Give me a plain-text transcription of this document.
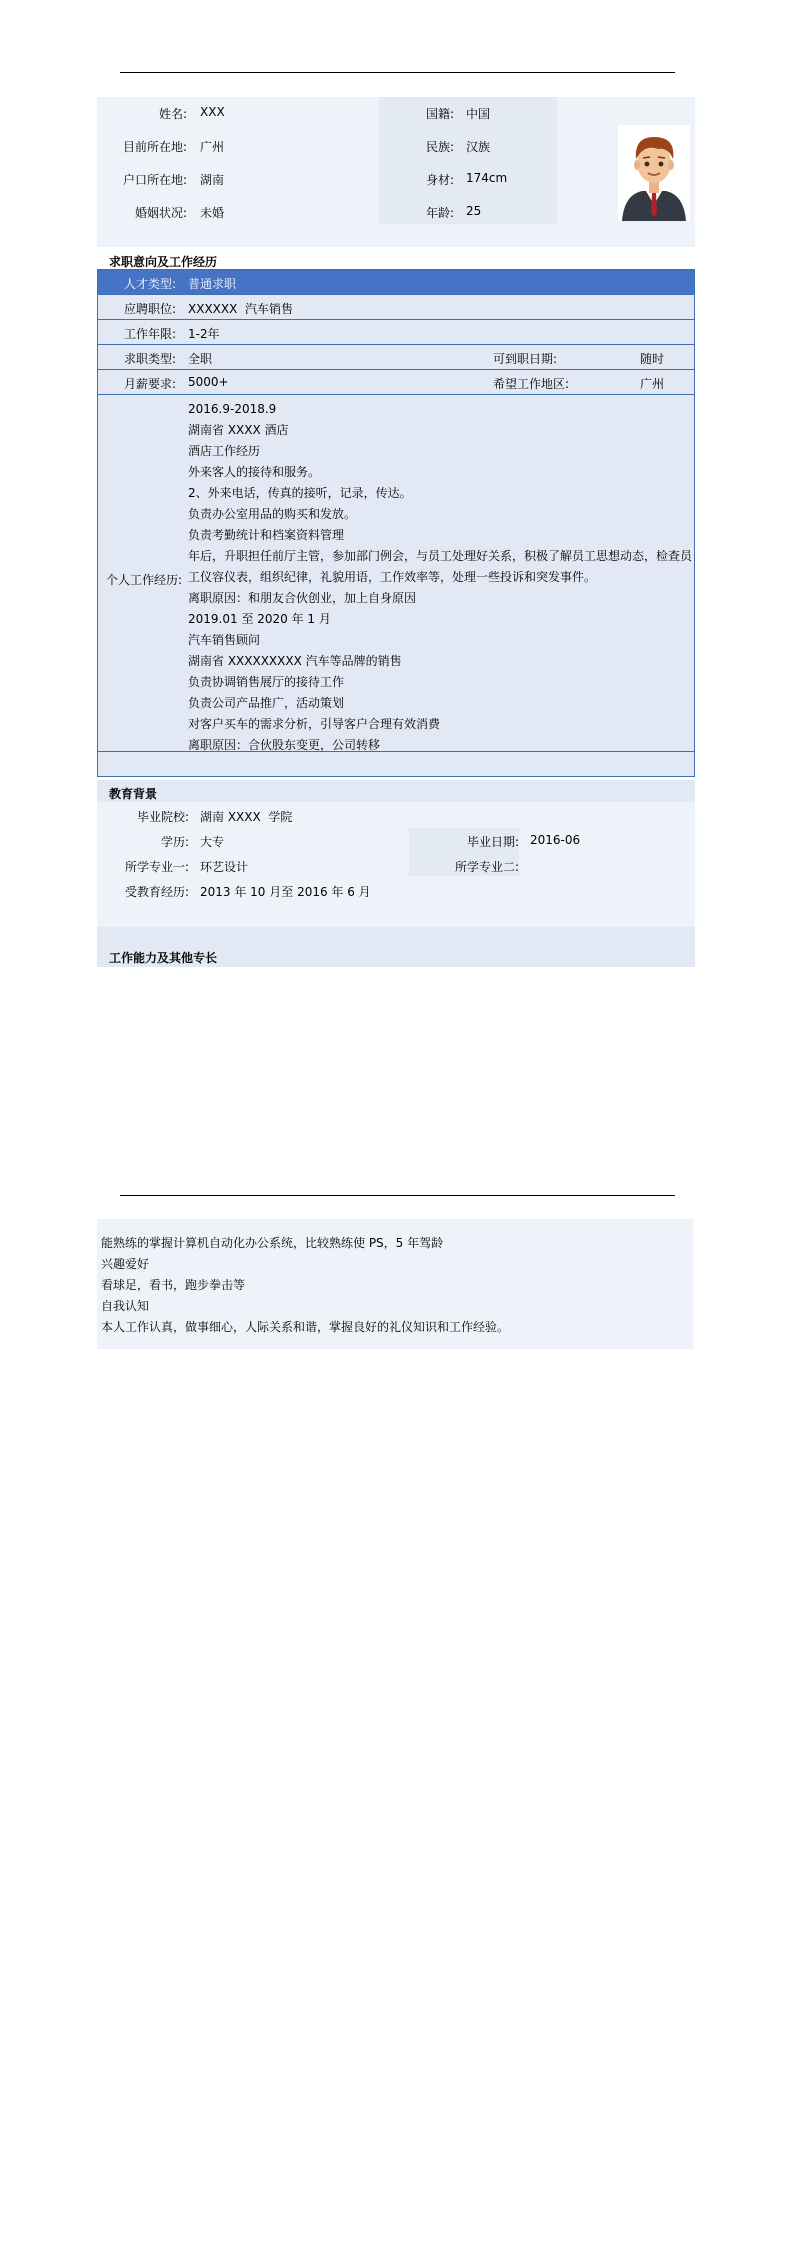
姓名: XXX
目前所在地: 广州
户口所在地: 湖南
婚姻状况: 未婚
国籍: 中国
民族: 汉族
身材: 174cm
年龄: 25
求职意向及工作经历
人才类型: 普通求职
应聘职位: XXXXXX  汽车销售
工作年限: 1-2年
求职类型: 全职	可到职日期:	随时
月薪要求: 5000+	希望工作地区:	广州
个人工作经历:
2016.9-2018.9
湖南省 XXXX 酒店
酒店工作经历
外来客人的接待和服务。
2、外来电话，传真的接听，记录，传达。
负责办公室用品的购买和发放。
负责考勤统计和档案资料管理
年后，升职担任前厅主管，参加部门例会，与员工处理好关系，积极了解员工思想动态，检查员
工仪容仪表，组织纪律，礼貌用语，工作效率等，处理一些投诉和突发事件。
离职原因：和朋友合伙创业，加上自身原因
2019.01 至 2020 年 1 月
汽车销售顾问
湖南省 XXXXXXXXX 汽车等品牌的销售
负责协调销售展厅的接待工作
负责公司产品推广，活动策划
对客户买车的需求分析，引导客户合理有效消费
离职原因：合伙股东变更，公司转移
教育背景
毕业院校: 湖南 XXXX  学院
学历: 大专	毕业日期: 2016-06
所学专业一: 环艺设计	所学专业二:
受教育经历: 2013 年 10 月至 2016 年 6 月
工作能力及其他专长
能熟练的掌握计算机自动化办公系统，比较熟练使 PS，5 年驾龄
兴趣爱好
看球足，看书，跑步拳击等
自我认知
本人工作认真，做事细心，人际关系和谐，掌握良好的礼仪知识和工作经验。
